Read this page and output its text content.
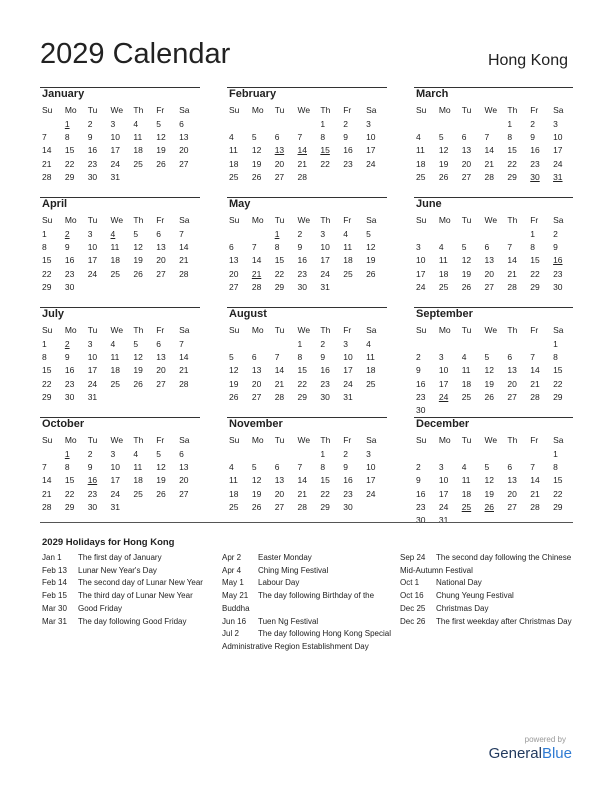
2029 Calendar	Hong Kong
January
Su	Mo	Tu	We	Th	Fr	Sa
	1	2	3	4	5	6
7	8	9	10	11	12	13
14	15	16	17	18	19	20
21	22	23	24	25	26	27
28	29	30	31			

February
Su	Mo	Tu	We	Th	Fr	Sa
				1	2	3
4	5	6	7	8	9	10
11	12	13	14	15	16	17
18	19	20	21	22	23	24
25	26	27	28			

March
Su	Mo	Tu	We	Th	Fr	Sa
				1	2	3
4	5	6	7	8	9	10
11	12	13	14	15	16	17
18	19	20	21	22	23	24
25	26	27	28	29	30	31

April
Su	Mo	Tu	We	Th	Fr	Sa
1	2	3	4	5	6	7
8	9	10	11	12	13	14
15	16	17	18	19	20	21
22	23	24	25	26	27	28
29	30					

May
Su	Mo	Tu	We	Th	Fr	Sa
		1	2	3	4	5
6	7	8	9	10	11	12
13	14	15	16	17	18	19
20	21	22	23	24	25	26
27	28	29	30	31		

June
Su	Mo	Tu	We	Th	Fr	Sa
					1	2
3	4	5	6	7	8	9
10	11	12	13	14	15	16
17	18	19	20	21	22	23
24	25	26	27	28	29	30

July
Su	Mo	Tu	We	Th	Fr	Sa
1	2	3	4	5	6	7
8	9	10	11	12	13	14
15	16	17	18	19	20	21
22	23	24	25	26	27	28
29	30	31				

August
Su	Mo	Tu	We	Th	Fr	Sa
			1	2	3	4
5	6	7	8	9	10	11
12	13	14	15	16	17	18
19	20	21	22	23	24	25
26	27	28	29	30	31	

September
Su	Mo	Tu	We	Th	Fr	Sa
						1
2	3	4	5	6	7	8
9	10	11	12	13	14	15
16	17	18	19	20	21	22
23	24	25	26	27	28	29
30						
October
Su	Mo	Tu	We	Th	Fr	Sa
	1	2	3	4	5	6
7	8	9	10	11	12	13
14	15	16	17	18	19	20
21	22	23	24	25	26	27
28	29	30	31			

November
Su	Mo	Tu	We	Th	Fr	Sa
				1	2	3
4	5	6	7	8	9	10
11	12	13	14	15	16	17
18	19	20	21	22	23	24
25	26	27	28	29	30	

December
Su	Mo	Tu	We	Th	Fr	Sa
						1
2	3	4	5	6	7	8
9	10	11	12	13	14	15
16	17	18	19	20	21	22
23	24	25	26	27	28	29
30	31					
2029 Holidays for Hong Kong
Jan 1	The first day of January
Feb 13	Lunar New Year's Day
Feb 14	The second day of Lunar New Year
Feb 15	The third day of Lunar New Year
Mar 30	Good Friday
Mar 31	The day following Good Friday
Apr 2	Easter Monday
Apr 4	Ching Ming Festival
May 1	Labour Day
May 21	The day following Birthday of the Buddha
Jun 16	Tuen Ng Festival
Jul 2	The day following Hong Kong Special Administrative Region Establishment Day
Sep 24	The second day following the Chinese Mid-Autumn Festival
Oct 1	National Day
Oct 16	Chung Yeung Festival
Dec 25	Christmas Day
Dec 26	The first weekday after Christmas Day
powered by
GeneralBlue
